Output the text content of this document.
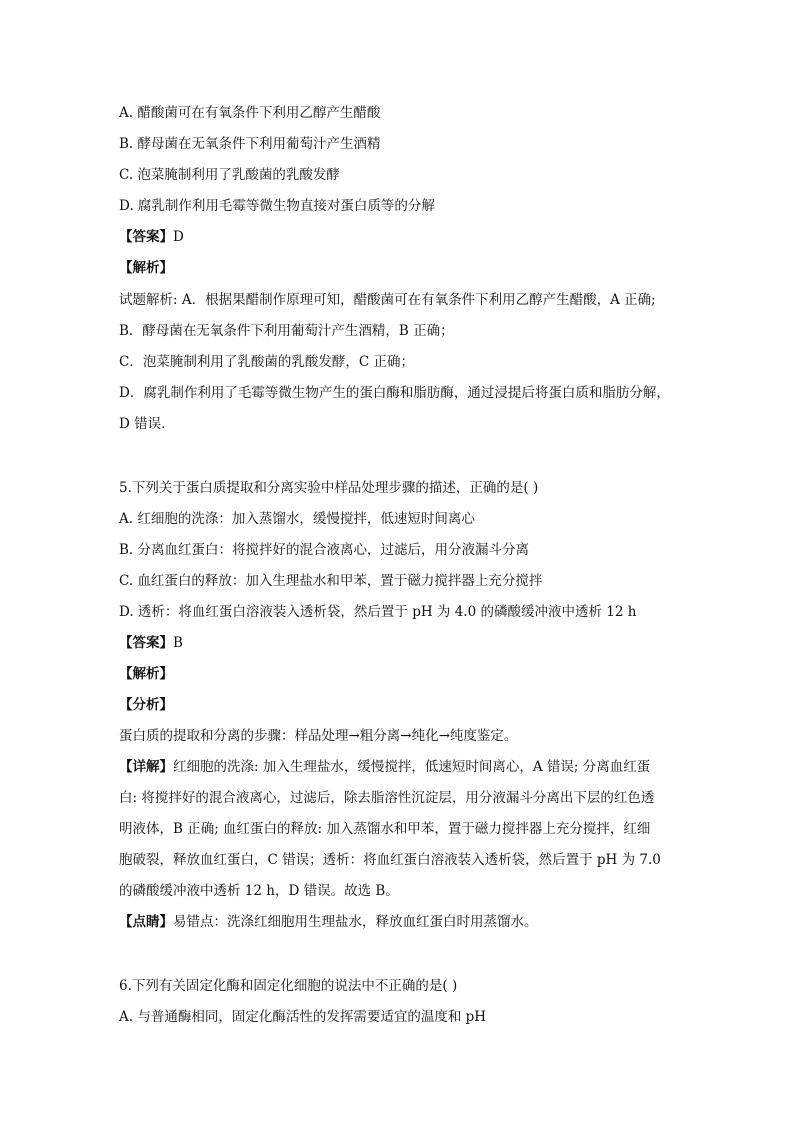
A. 醋酸菌可在有氧条件下利用乙醇产生醋酸
B. 酵母菌在无氧条件下利用葡萄汁产生酒精
C. 泡菜腌制利用了乳酸菌的乳酸发酵
D. 腐乳制作利用毛霉等微生物直接对蛋白质等的分解
【答案】D
【解析】
试题解析: A．根据果醋制作原理可知，醋酸菌可在有氧条件下利用乙醇产生醋酸，A 正确;
B．酵母菌在无氧条件下利用葡萄汁产生酒精，B 正确；
C．泡菜腌制利用了乳酸菌的乳酸发酵，C 正确；
D．腐乳制作利用了毛霉等微生物产生的蛋白酶和脂肪酶，通过浸提后将蛋白质和脂肪分解，
D 错误．
5.下列关于蛋白质提取和分离实验中样品处理步骤的描述，正确的是( )
A. 红细胞的洗涤：加入蒸馏水，缓慢搅拌，低速短时间离心
B. 分离血红蛋白：将搅拌好的混合液离心，过滤后，用分液漏斗分离
C. 血红蛋白的释放：加入生理盐水和甲苯，置于磁力搅拌器上充分搅拌
D. 透析：将血红蛋白溶液装入透析袋，然后置于 pH 为 4.0 的磷酸缓冲液中透析 12 h
【答案】B
【解析】
【分析】
蛋白质的提取和分离的步骤：样品处理→粗分离→纯化→纯度鉴定。
【详解】红细胞的洗涤: 加入生理盐水，缓慢搅拌，低速短时间离心，A 错误; 分离血红蛋
白: 将搅拌好的混合液离心，过滤后，除去脂溶性沉淀层，用分液漏斗分离出下层的红色透
明液体，B 正确; 血红蛋白的释放: 加入蒸馏水和甲苯，置于磁力搅拌器上充分搅拌，红细
胞破裂，释放血红蛋白，C 错误；透析：将血红蛋白溶液装入透析袋，然后置于 pH 为 7.0
的磷酸缓冲液中透析 12 h，D 错误。故选 B。
【点睛】易错点：洗涤红细胞用生理盐水，释放血红蛋白时用蒸馏水。
6.下列有关固定化酶和固定化细胞的说法中不正确的是( )
A. 与普通酶相同，固定化酶活性的发挥需要适宜的温度和 pH
